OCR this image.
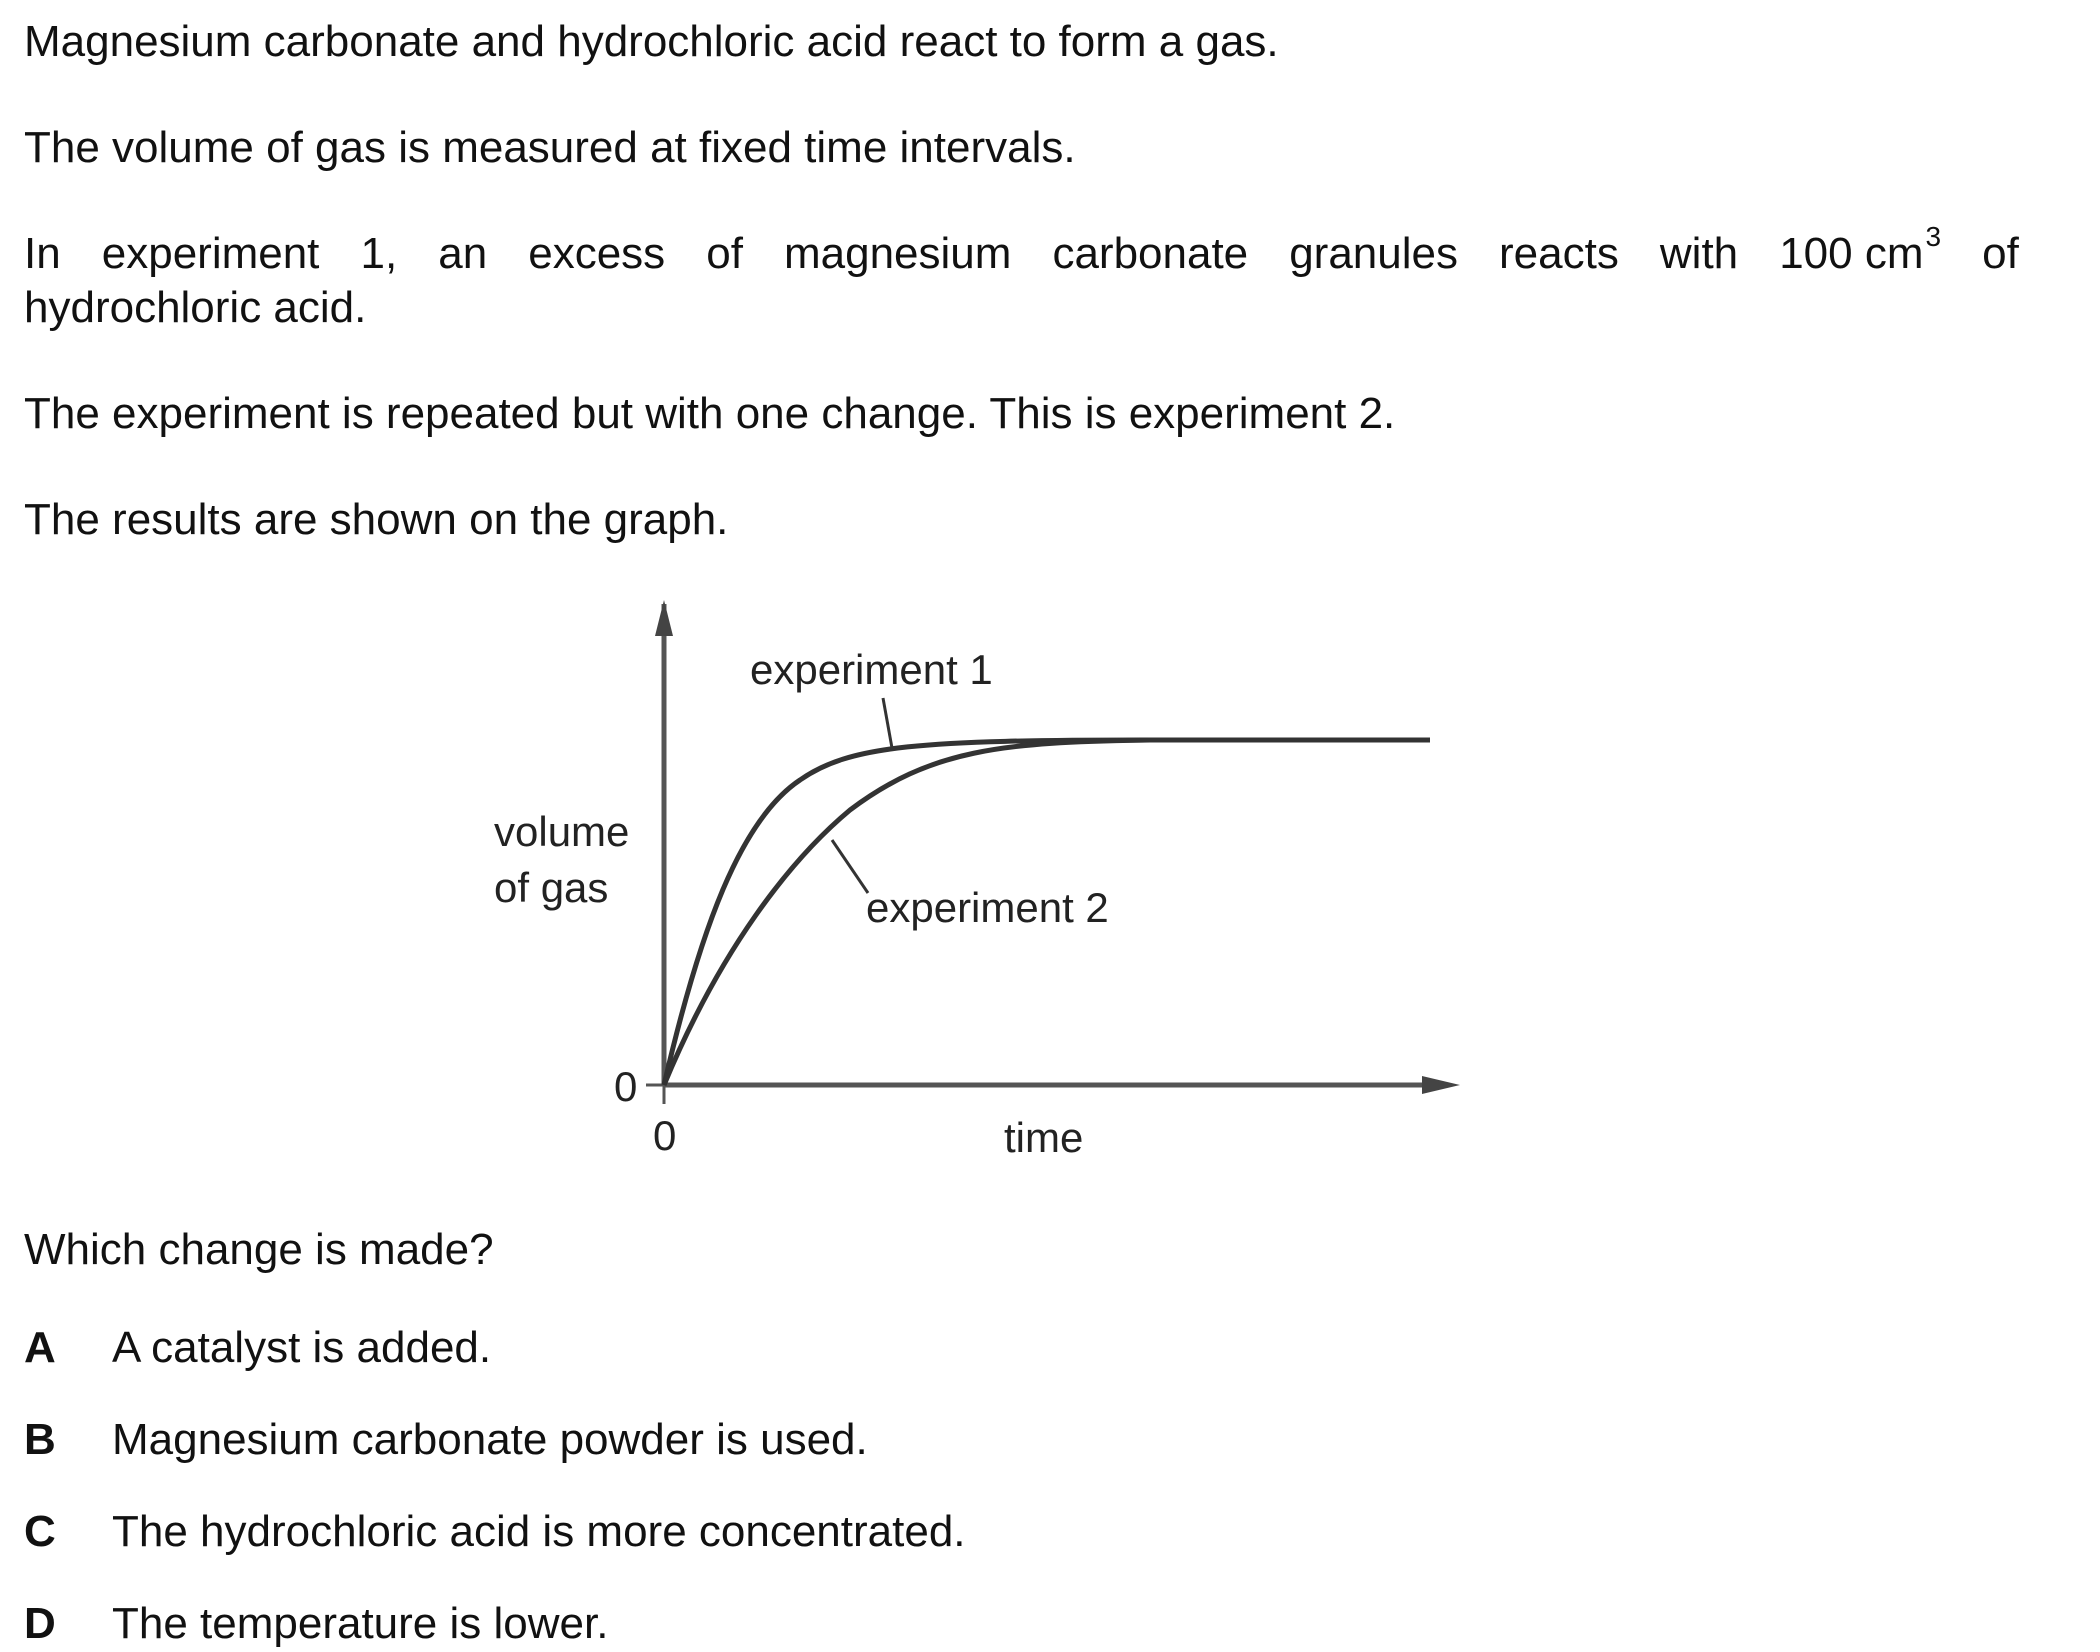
Magnesium carbonate and hydrochloric acid react to form a gas.

The volume of gas is measured at fixed time intervals.

In experiment 1, an excess of magnesium carbonate granules reacts with 100 $cm^3$ of

hydrochloric acid.

The experiment is repeated but with one change. This is experiment 2.

The results are shown on the graph.

experiment 1
experiment 2
volume
of gas
time
0
0

Which change is made?

A A catalyst is added.
B Magnesium carbonate powder is used.
C The hydrochloric acid is more concentrated.
D The temperature is lower.
